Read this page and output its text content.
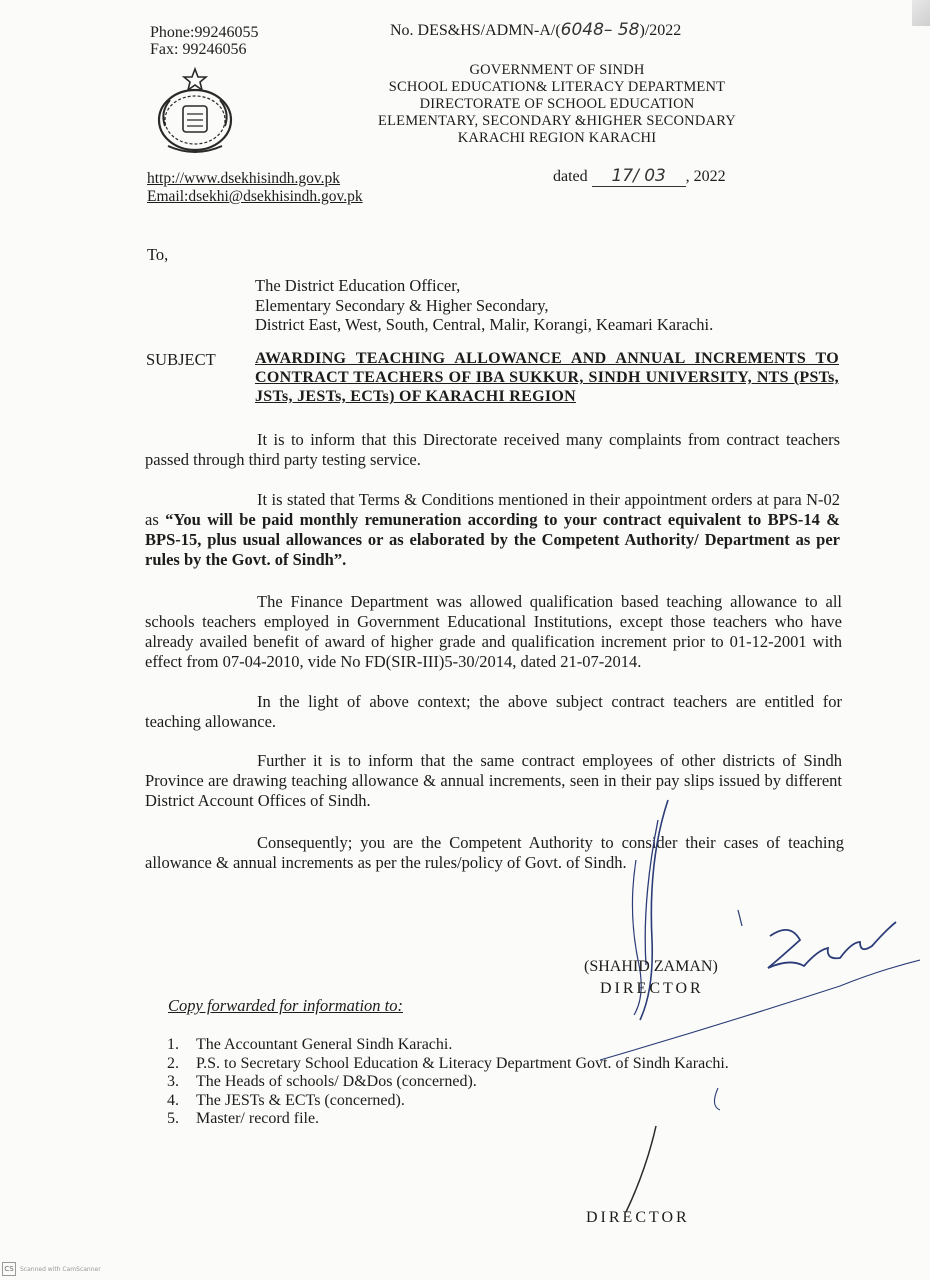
Phone:99246055
Fax: 99246056
No. DES&HS/ADMN-A/(6048– 58)/2022
GOVERNMENT OF SINDH
SCHOOL EDUCATION& LITERACY DEPARTMENT
DIRECTORATE OF SCHOOL EDUCATION
ELEMENTARY, SECONDARY &HIGHER SECONDARY
KARACHI REGION KARACHI
http://www.dsekhisindh.gov.pk
Email:dsekhi@dsekhisindh.gov.pk
dated 17/ 03 , 2022
To,
The District Education Officer,
Elementary Secondary & Higher Secondary,
District East, West, South, Central, Malir, Korangi, Keamari Karachi.
SUBJECT AWARDING TEACHING ALLOWANCE AND ANNUAL INCREMENTS TO CONTRACT TEACHERS OF IBA SUKKUR, SINDH UNIVERSITY, NTS (PSTs, JSTs, JESTs, ECTs) OF KARACHI REGION
It is to inform that this Directorate received many complaints from contract teachers passed through third party testing service.
It is stated that Terms & Conditions mentioned in their appointment orders at para N-02 as “You will be paid monthly remuneration according to your contract equivalent to BPS-14 & BPS-15, plus usual allowances or as elaborated by the Competent Authority/ Department as per rules by the Govt. of Sindh”.
The Finance Department was allowed qualification based teaching allowance to all schools teachers employed in Government Educational Institutions, except those teachers who have already availed benefit of award of higher grade and qualification increment prior to 01-12-2001 with effect from 07-04-2010, vide No FD(SIR-III)5-30/2014, dated 21-07-2014.
In the light of above context; the above subject contract teachers are entitled for teaching allowance.
Further it is to inform that the same contract employees of other districts of Sindh Province are drawing teaching allowance & annual increments, seen in their pay slips issued by different District Account Offices of Sindh.
Consequently; you are the Competent Authority to consider their cases of teaching allowance & annual increments as per the rules/policy of Govt. of Sindh.
(SHAHID ZAMAN)
DIRECTOR
Copy forwarded for information to:
1.	The Accountant General Sindh Karachi.
2.	P.S. to Secretary School Education & Literacy Department Govt. of Sindh Karachi.
3.	The Heads of schools/ D&Dos (concerned).
4.	The JESTs & ECTs (concerned).
5.	Master/ record file.
DIRECTOR
CS	Scanned with CamScanner
